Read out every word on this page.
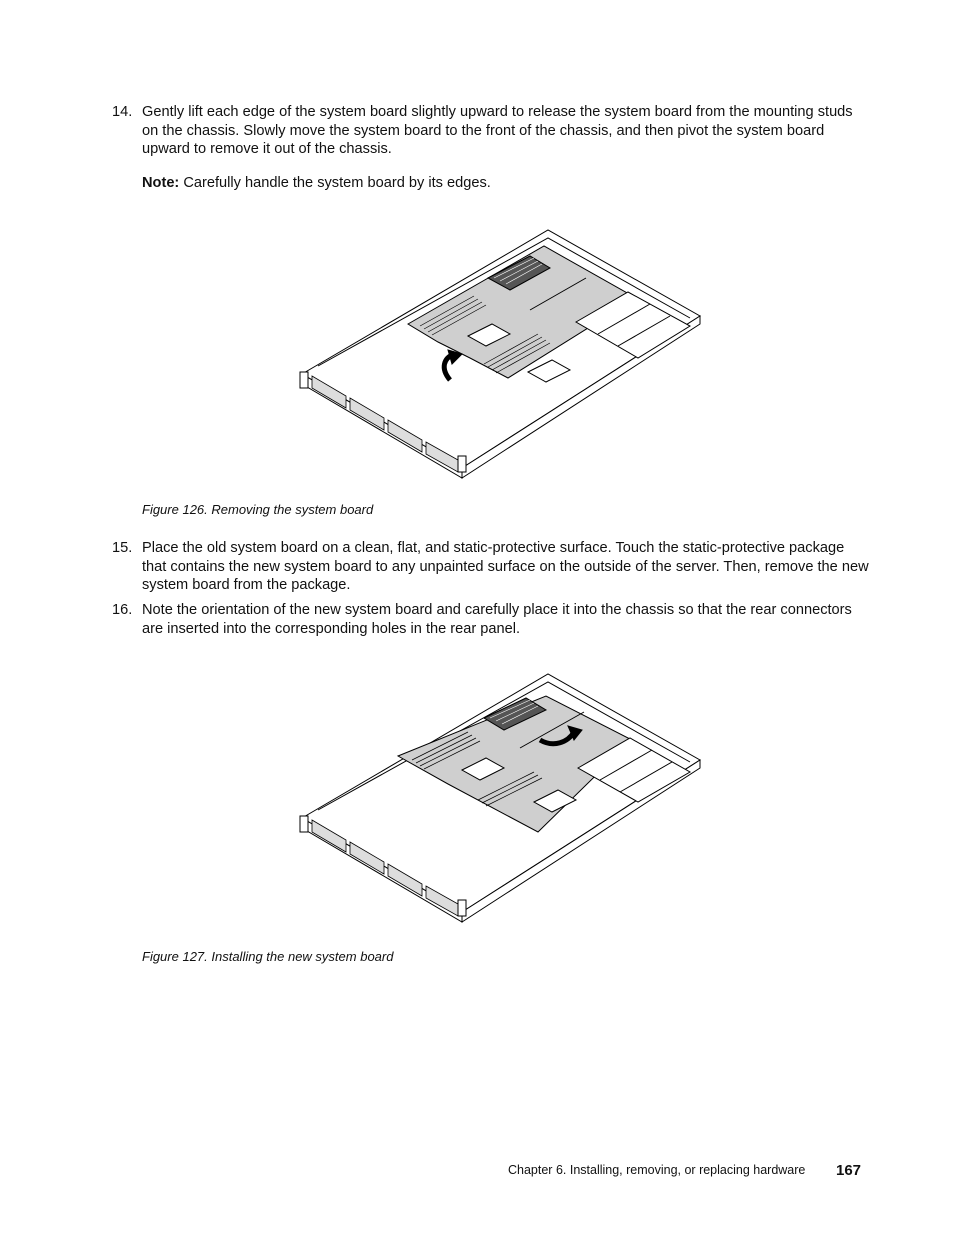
14. Gently lift each edge of the system board slightly upward to release the system board from the mounting studs on the chassis. Slowly move the system board to the front of the chassis, and then pivot the system board upward to remove it out of the chassis.
Note: Carefully handle the system board by its edges.
Figure 126. Removing the system board
15. Place the old system board on a clean, flat, and static-protective surface. Touch the static-protective package that contains the new system board to any unpainted surface on the outside of the server. Then, remove the new system board from the package.
16. Note the orientation of the new system board and carefully place it into the chassis so that the rear connectors are inserted into the corresponding holes in the rear panel.
Figure 127. Installing the new system board
Chapter 6. Installing, removing, or replacing hardware 167
